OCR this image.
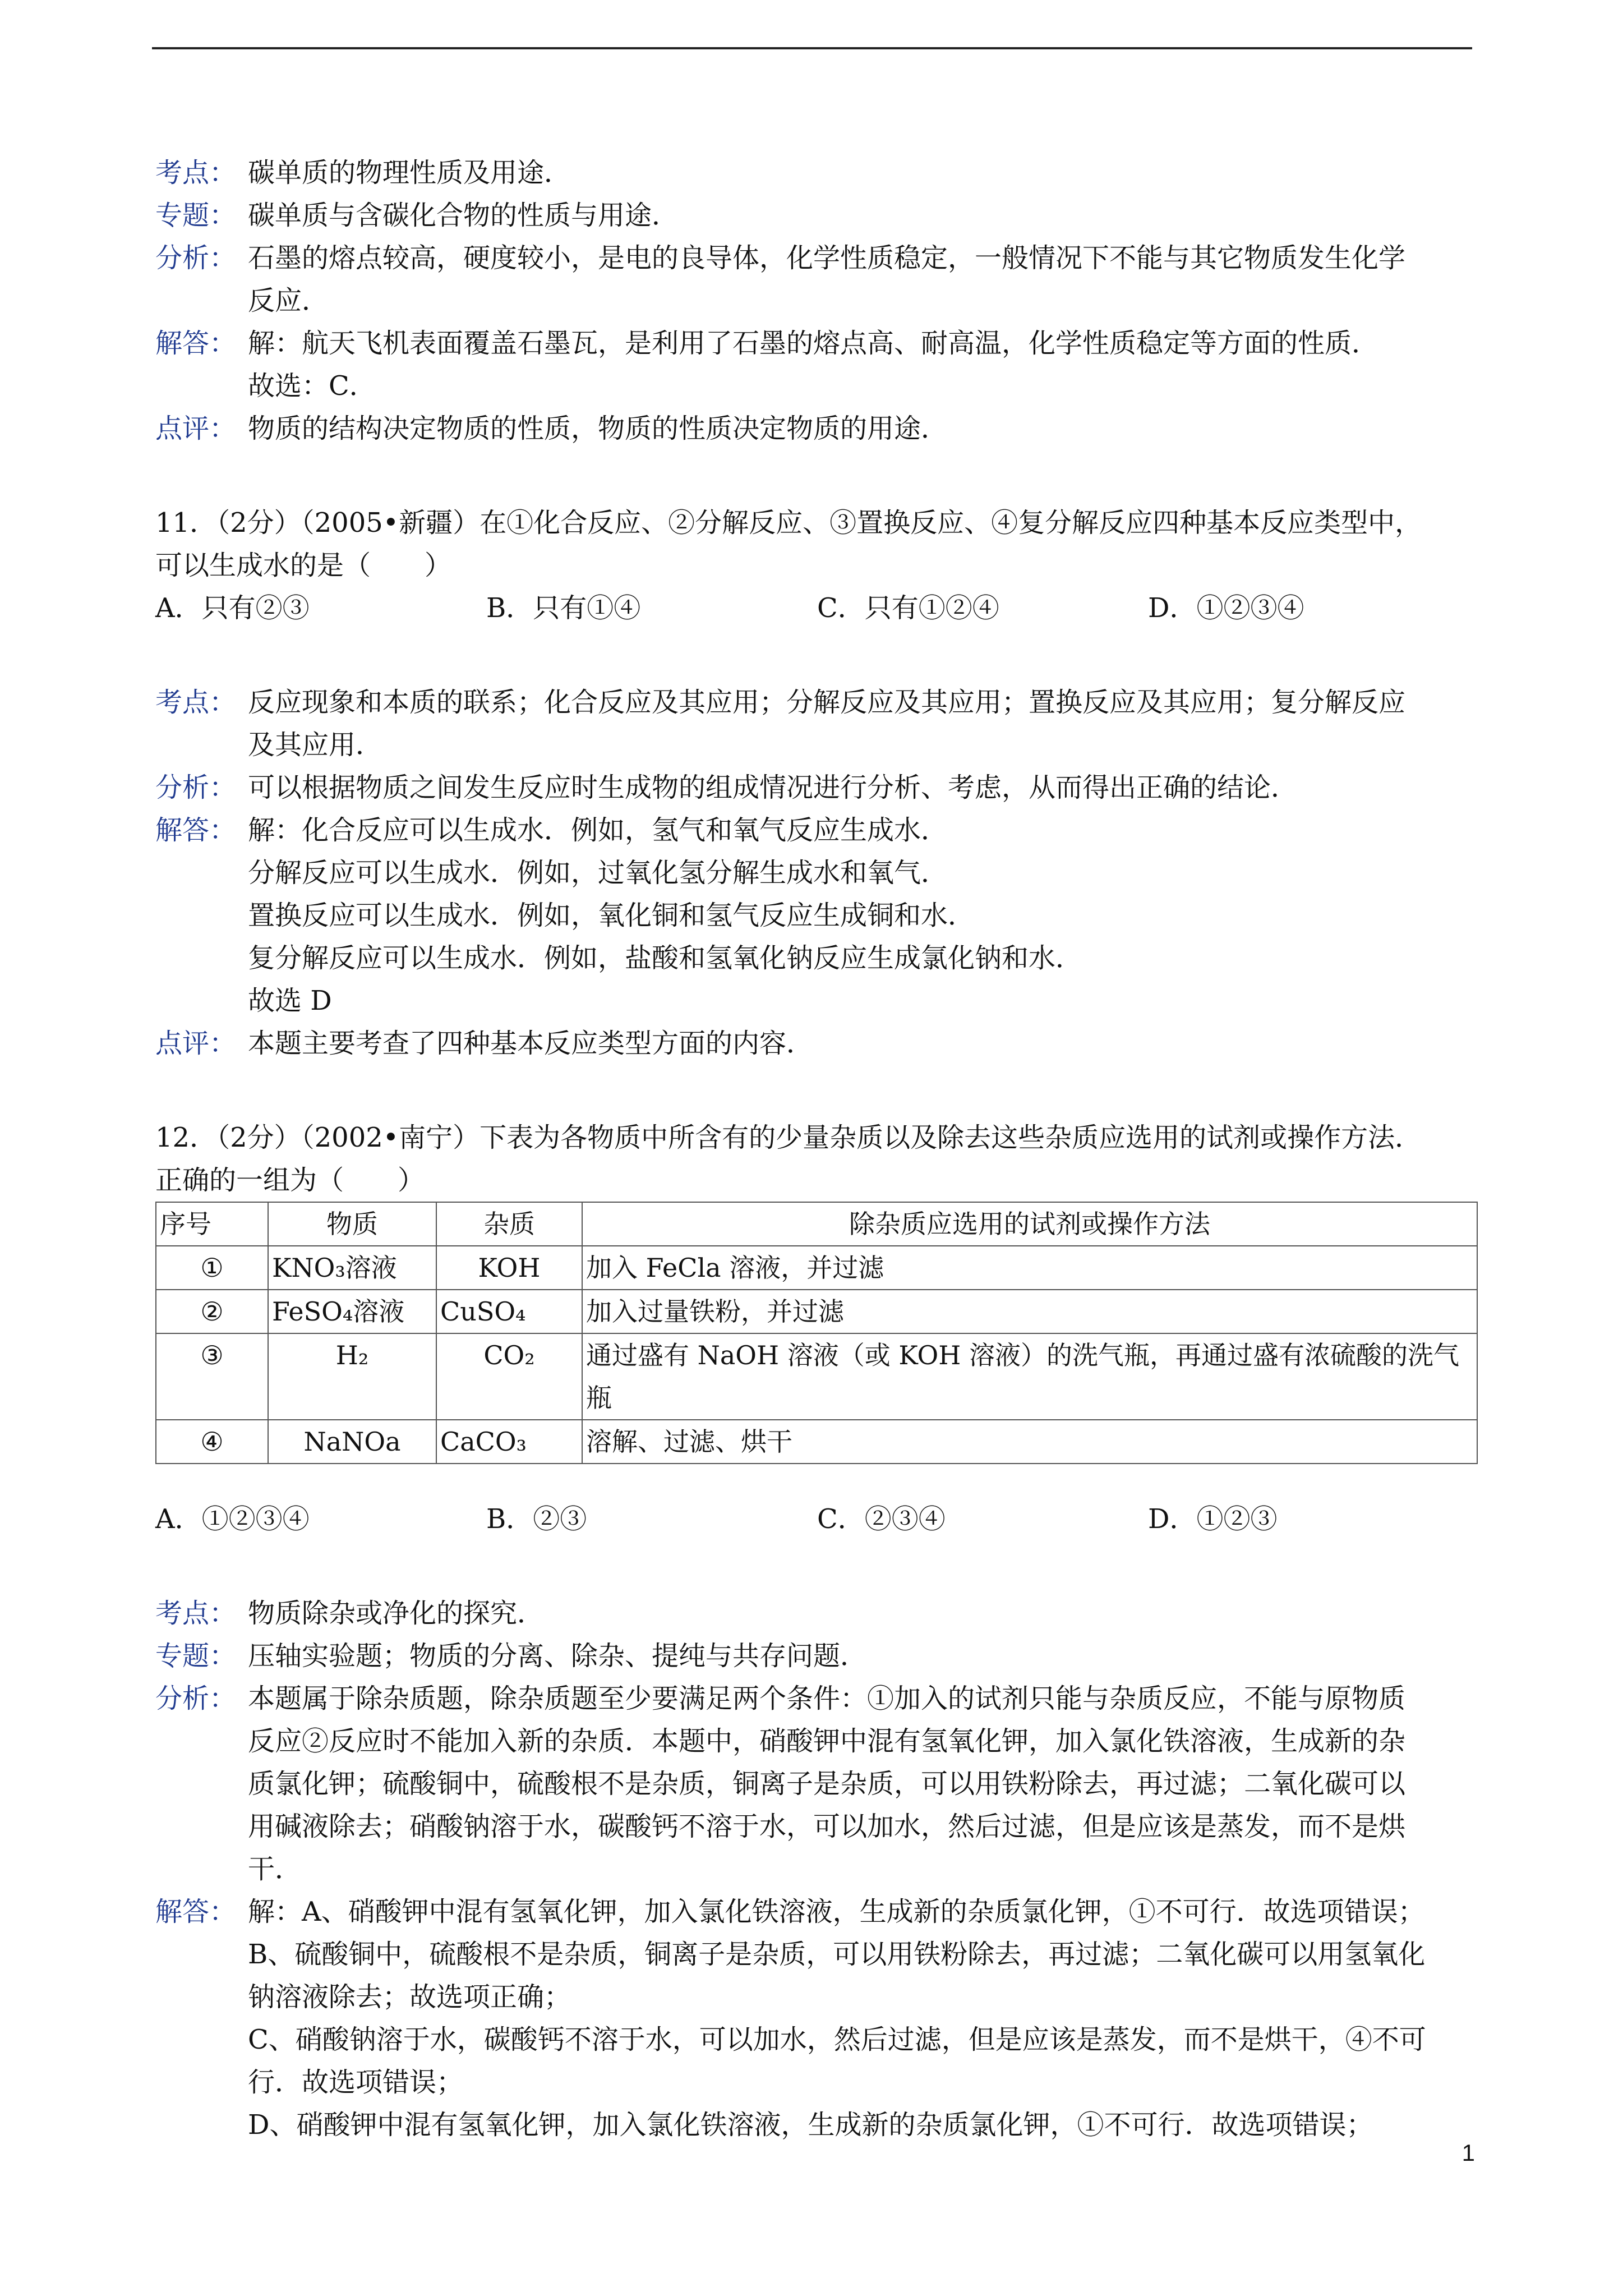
考点： 碳单质的物理性质及用途．
专题： 碳单质与含碳化合物的性质与用途．
分析： 石墨的熔点较高，硬度较小，是电的良导体，化学性质稳定，一般情况下不能与其它物质发生化学
反应．
解答： 解：航天飞机表面覆盖石墨瓦，是利用了石墨的熔点高、耐高温，化学性质稳定等方面的性质．
故选：C．
点评： 物质的结构决定物质的性质，物质的性质决定物质的用途．
11．（2分）（2005•新疆）在①化合反应、②分解反应、③置换反应、④复分解反应四种基本反应类型中，
可以生成水的是（　　）
A．只有②③	B．只有①④	C．只有①②④	D．①②③④
考点： 反应现象和本质的联系；化合反应及其应用；分解反应及其应用；置换反应及其应用；复分解反应
及其应用．
分析： 可以根据物质之间发生反应时生成物的组成情况进行分析、考虑，从而得出正确的结论．
解答： 解：化合反应可以生成水．例如，氢气和氧气反应生成水．
分解反应可以生成水．例如，过氧化氢分解生成水和氧气．
置换反应可以生成水．例如，氧化铜和氢气反应生成铜和水．
复分解反应可以生成水．例如，盐酸和氢氧化钠反应生成氯化钠和水．
故选 D
点评： 本题主要考查了四种基本反应类型方面的内容．
12．（2分）（2002•南宁）下表为各物质中所含有的少量杂质以及除去这些杂质应选用的试剂或操作方法．
正确的一组为（　　）
序号	物质	杂质	除杂质应选用的试剂或操作方法
①	KNO₃溶液	KOH	加入 FeCla 溶液，并过滤
②	FeSO₄溶液	CuSO₄	加入过量铁粉，并过滤
③	H₂	CO₂	通过盛有 NaOH 溶液（或 KOH 溶液）的洗气瓶，再通过盛有浓硫酸的洗气瓶
④	NaNOa	CaCO₃	溶解、过滤、烘干
A．①②③④	B．②③	C．②③④	D．①②③
考点： 物质除杂或净化的探究．
专题： 压轴实验题；物质的分离、除杂、提纯与共存问题．
分析： 本题属于除杂质题，除杂质题至少要满足两个条件：①加入的试剂只能与杂质反应，不能与原物质
反应②反应时不能加入新的杂质．本题中，硝酸钾中混有氢氧化钾，加入氯化铁溶液，生成新的杂
质氯化钾；硫酸铜中，硫酸根不是杂质，铜离子是杂质，可以用铁粉除去，再过滤；二氧化碳可以
用碱液除去；硝酸钠溶于水，碳酸钙不溶于水，可以加水，然后过滤，但是应该是蒸发，而不是烘
干．
解答： 解：A、硝酸钾中混有氢氧化钾，加入氯化铁溶液，生成新的杂质氯化钾，①不可行．故选项错误；
B、硫酸铜中，硫酸根不是杂质，铜离子是杂质，可以用铁粉除去，再过滤；二氧化碳可以用氢氧化
钠溶液除去；故选项正确；
C、硝酸钠溶于水，碳酸钙不溶于水，可以加水，然后过滤，但是应该是蒸发，而不是烘干，④不可
行．故选项错误；
D、硝酸钾中混有氢氧化钾，加入氯化铁溶液，生成新的杂质氯化钾，①不可行．故选项错误；
1
